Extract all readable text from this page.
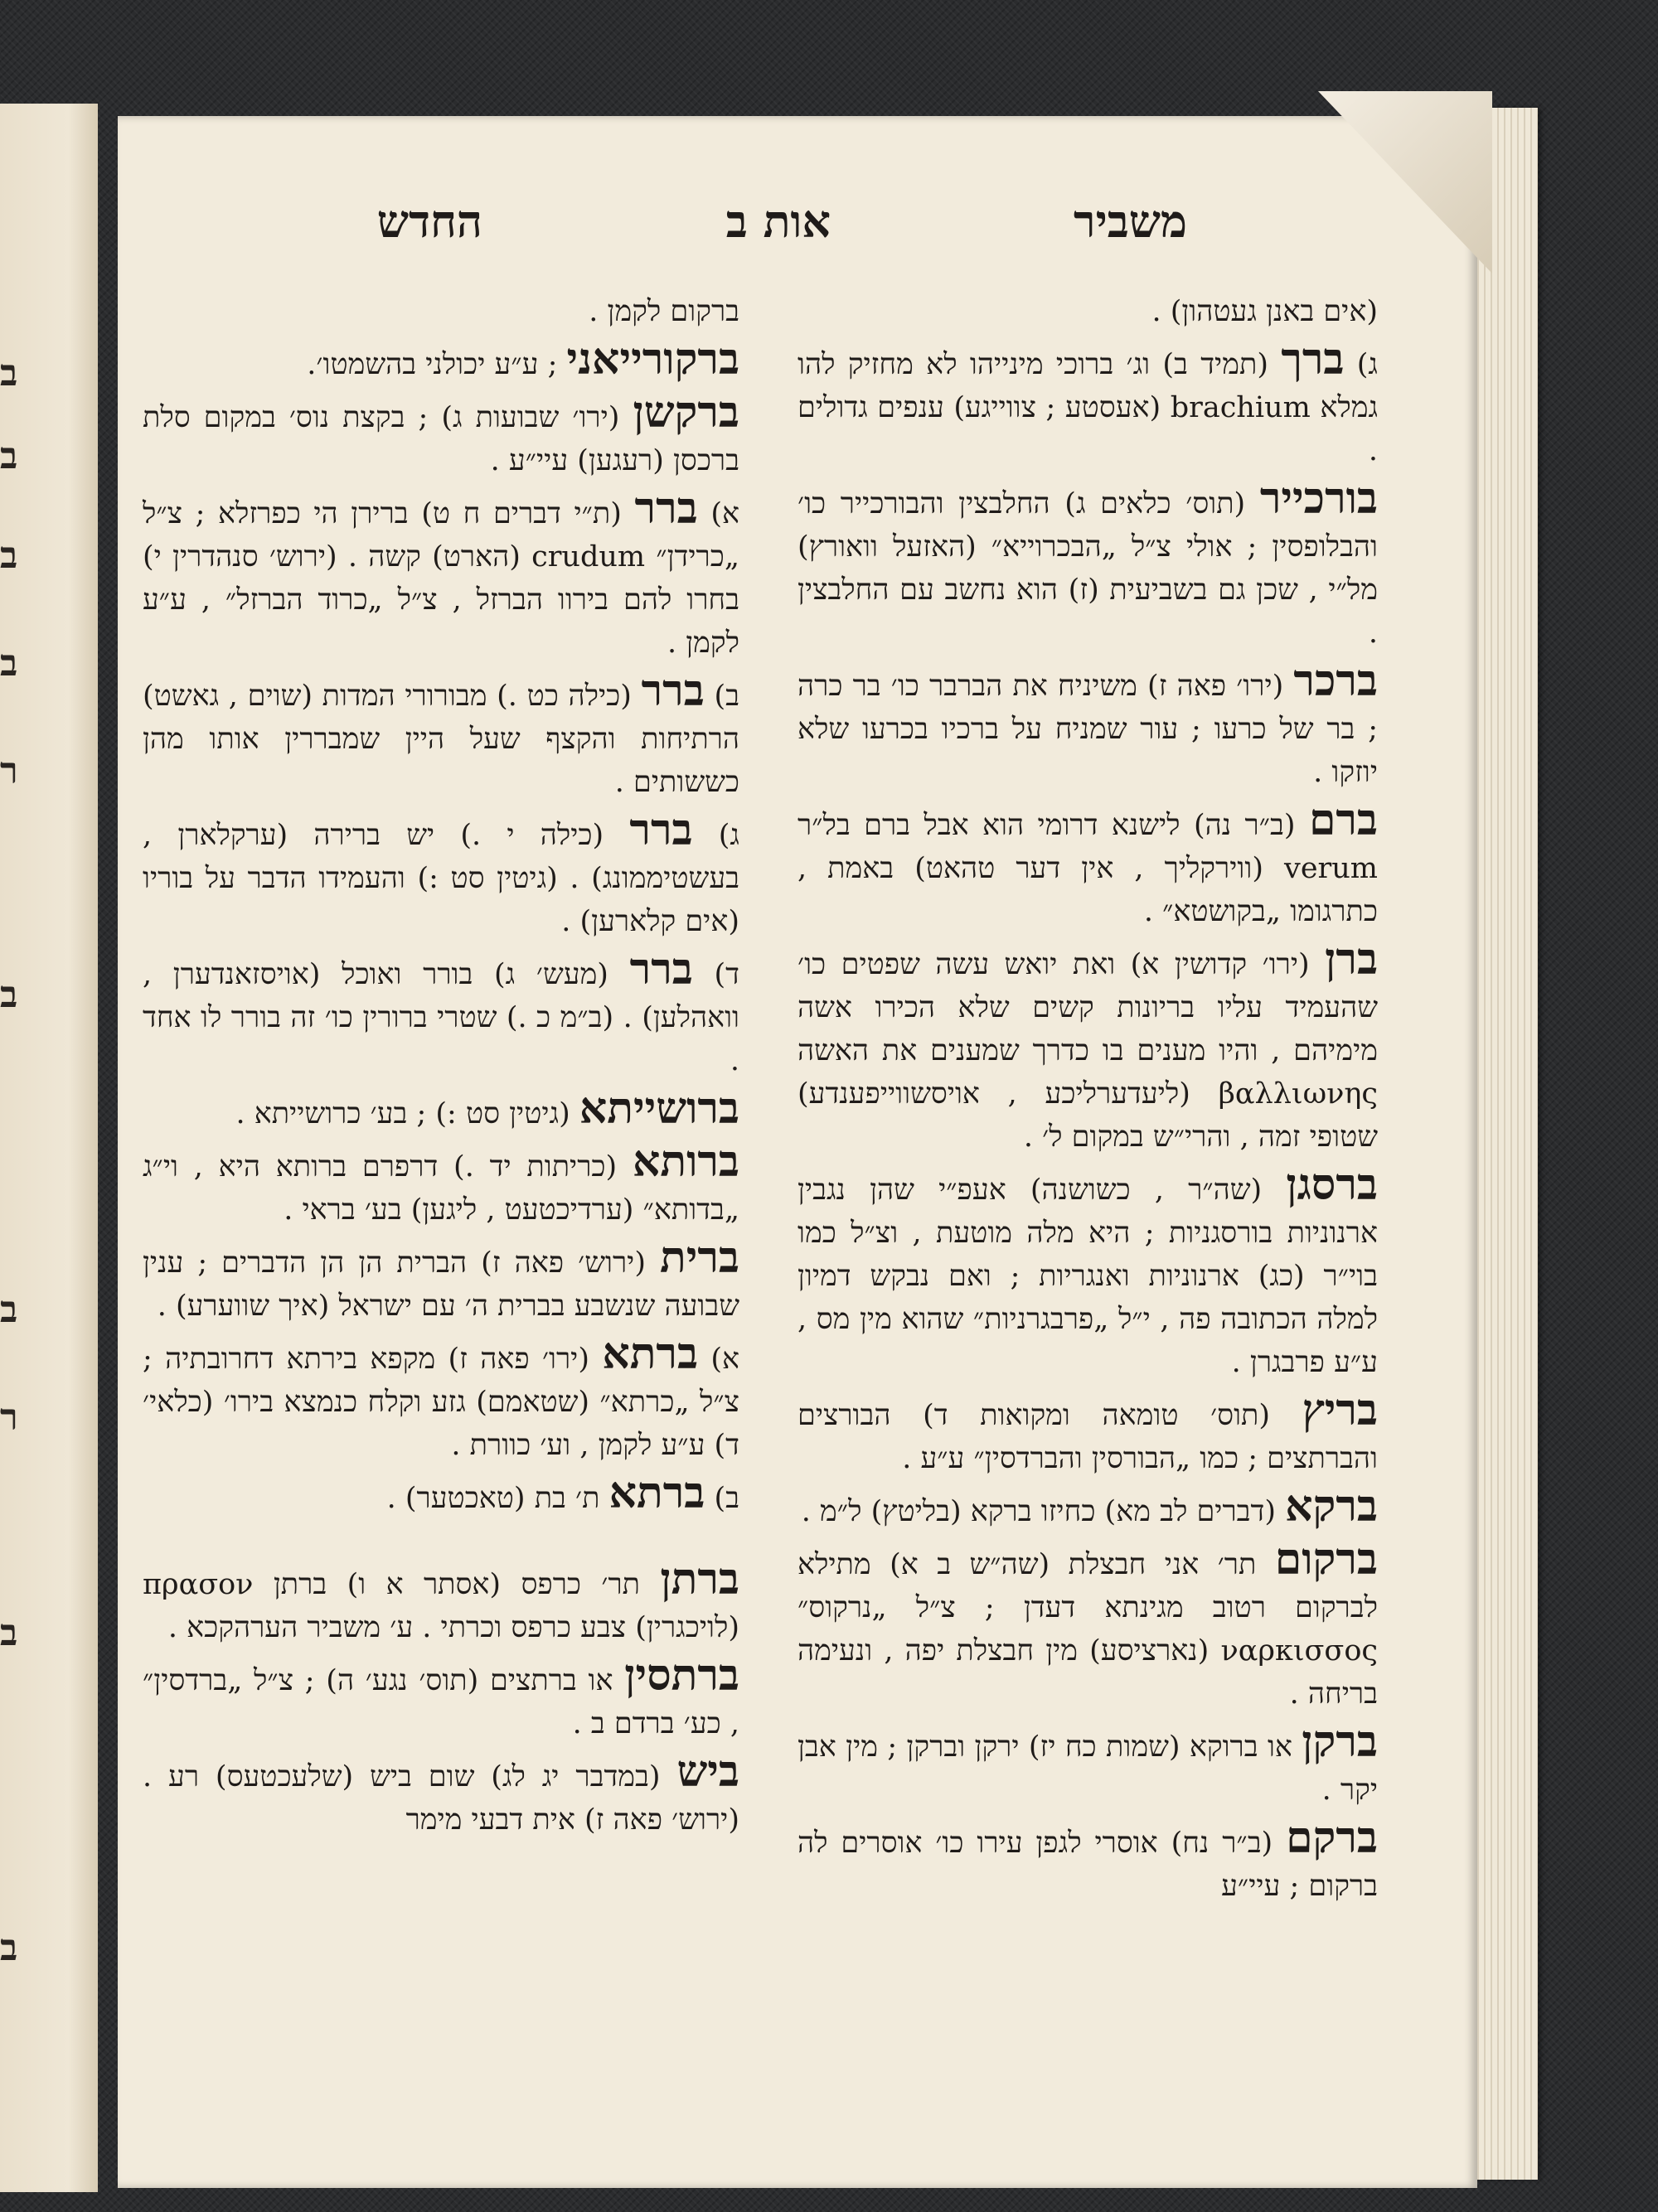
ב
ב
ב
ב
ר
ב
ב
ר
ב
ב
משביר
אות ב
החדש

(אים באנן געטהון) .

ג) ברך (תמיד ב) וג׳ ברוכי מינייהו לא מחזיק להו גמלא brachium (אעסטע ; צווייגע) ענפים גדולים .

בורכייר (תוס׳ כלאים ג) החלבצין והבורכייר כו׳ והבלופסין ; אולי צ״ל „הבכרוייא״ (האזעל וואורץ) מל״י , שכן גם בשביעית (ז) הוא נחשב עם החלבצין .

ברכר (ירו׳ פאה ז) משיניח את הברבר כו׳ בר כרה ; בר של כרעו ; עור שמניח על ברכיו בכרעו שלא יוזקו .

ברם (ב״ר נה) לישנא דרומי הוא אבל ברם בל״ר verum (ווירקליך , אין דער טהאט) באמת , כתרגומו „בקושטא״ .

ברן (ירו׳ קדושין א) ואת יואש עשה שפטים כו׳ שהעמיד עליו בריונות קשים שלא הכירו אשה מימיהם , והיו מענים בו כדרך שמענים את האשה βαλλιωνης (ליעדערליכע , אויסשווייפענדע) שטופי זמה , והרי״ש במקום ל׳ .

ברסגן (שה״ר , כשושנה) אעפ״י שהן נגבין ארנוניות בורסגניות ; היא מלה מוטעת , וצ״ל כמו בוי״ר (כג) ארנוניות ואנגריות ; ואם נבקש דמיון למלה הכתובה פה , י״ל „פרבגרניות״ שהוא מין מס , ע״ע פרבגרן .

בריץ (תוס׳ טומאה ומקואות ד) הבורצים והברתצים ; כמו „הבורסין והברדסין״ ע״ע .

ברקא (דברים לב מא) כחיזו ברקא (בליטץ) ל״מ .

ברקום תר׳ אני חבצלת (שה״ש ב א) מתילא לברקום רטוב מגינתא דעדן ; צ״ל „נרקוס״ ναρκισσος (נארציסע) מין חבצלת יפה , ונעימה בריחה .

ברקן או ברוקא (שמות כח יז) ירקן וברקן ; מין אבן יקר .

ברקם (ב״ר נח) אוסרי לגפן עירו כו׳ אוסרים לה ברקום ; עיי״ע

ברקום לקמן .

ברקורייאני ; ע״ע יכולני בהשמטו׳.

ברקשן (ירו׳ שבועות ג) ; בקצת נוס׳ במקום סלת ברכסן (רעגען) עיי״ע .

א) ברר (ת״י דברים ח ט) ברירן הי כפרזלא ; צ״ל „כרידן״ crudum (הארט) קשה . (ירוש׳ סנהדרין י) בחרו להם בירוו הברזל , צ״ל „כרוד הברזל״ , ע״ע לקמן .

ב) ברר (כילה כט .) מבורורי המדות (שוים , גאשט) הרתיחות והקצף שעל היין שמבררין אותו מהן כששותים .

ג) ברר (כילה י .) יש ברירה (ערקלארן , בעשטיממונג) . (גיטין סט :) והעמידו הדבר על בוריו (אים קלארען) .

ד) ברר (מעש׳ ג) בורר ואוכל (אויסזאנדערן , וואהלען) . (ב״מ כ .) שטרי ברורין כו׳ זה בורר לו אחד .

ברושייתא (גיטין סט :) ; בע׳ כרושייתא .

ברותא (כריתות יד .) דרפרם ברותא היא , וי״ג „בדותא״ (ערדיכטעט , ליגען) בע׳ בראי .

ברית (ירוש׳ פאה ז) הברית הן הן הדברים ; ענין שבועה שנשבע בברית ה׳ עם ישראל (איך שווערע) .

א) ברתא (ירו׳ פאה ז) מקפא בירתא דחרובתיה ; צ״ל „כרתא״ (שטאמם) גזע וקלח כנמצא בירו׳ (כלאי׳ ד) ע״ע לקמן , וע׳ כוורת .

ב) ברתא ת׳ בת (טאכטער) .

ברתן תר׳ כרפס (אסתר א ו) ברתן πρασον (לויכגרין) צבע כרפס וכרתי . ע׳ משביר הערהקכא .

ברתסין או ברתצים (תוס׳ נגע׳ ה) ; צ״ל „ברדסין״ , כע׳ ברדם ב .

ביש (במדבר יג לג) שום ביש (שלעכטעס) רע . (ירוש׳ פאה ז) אית דבעי מימר
